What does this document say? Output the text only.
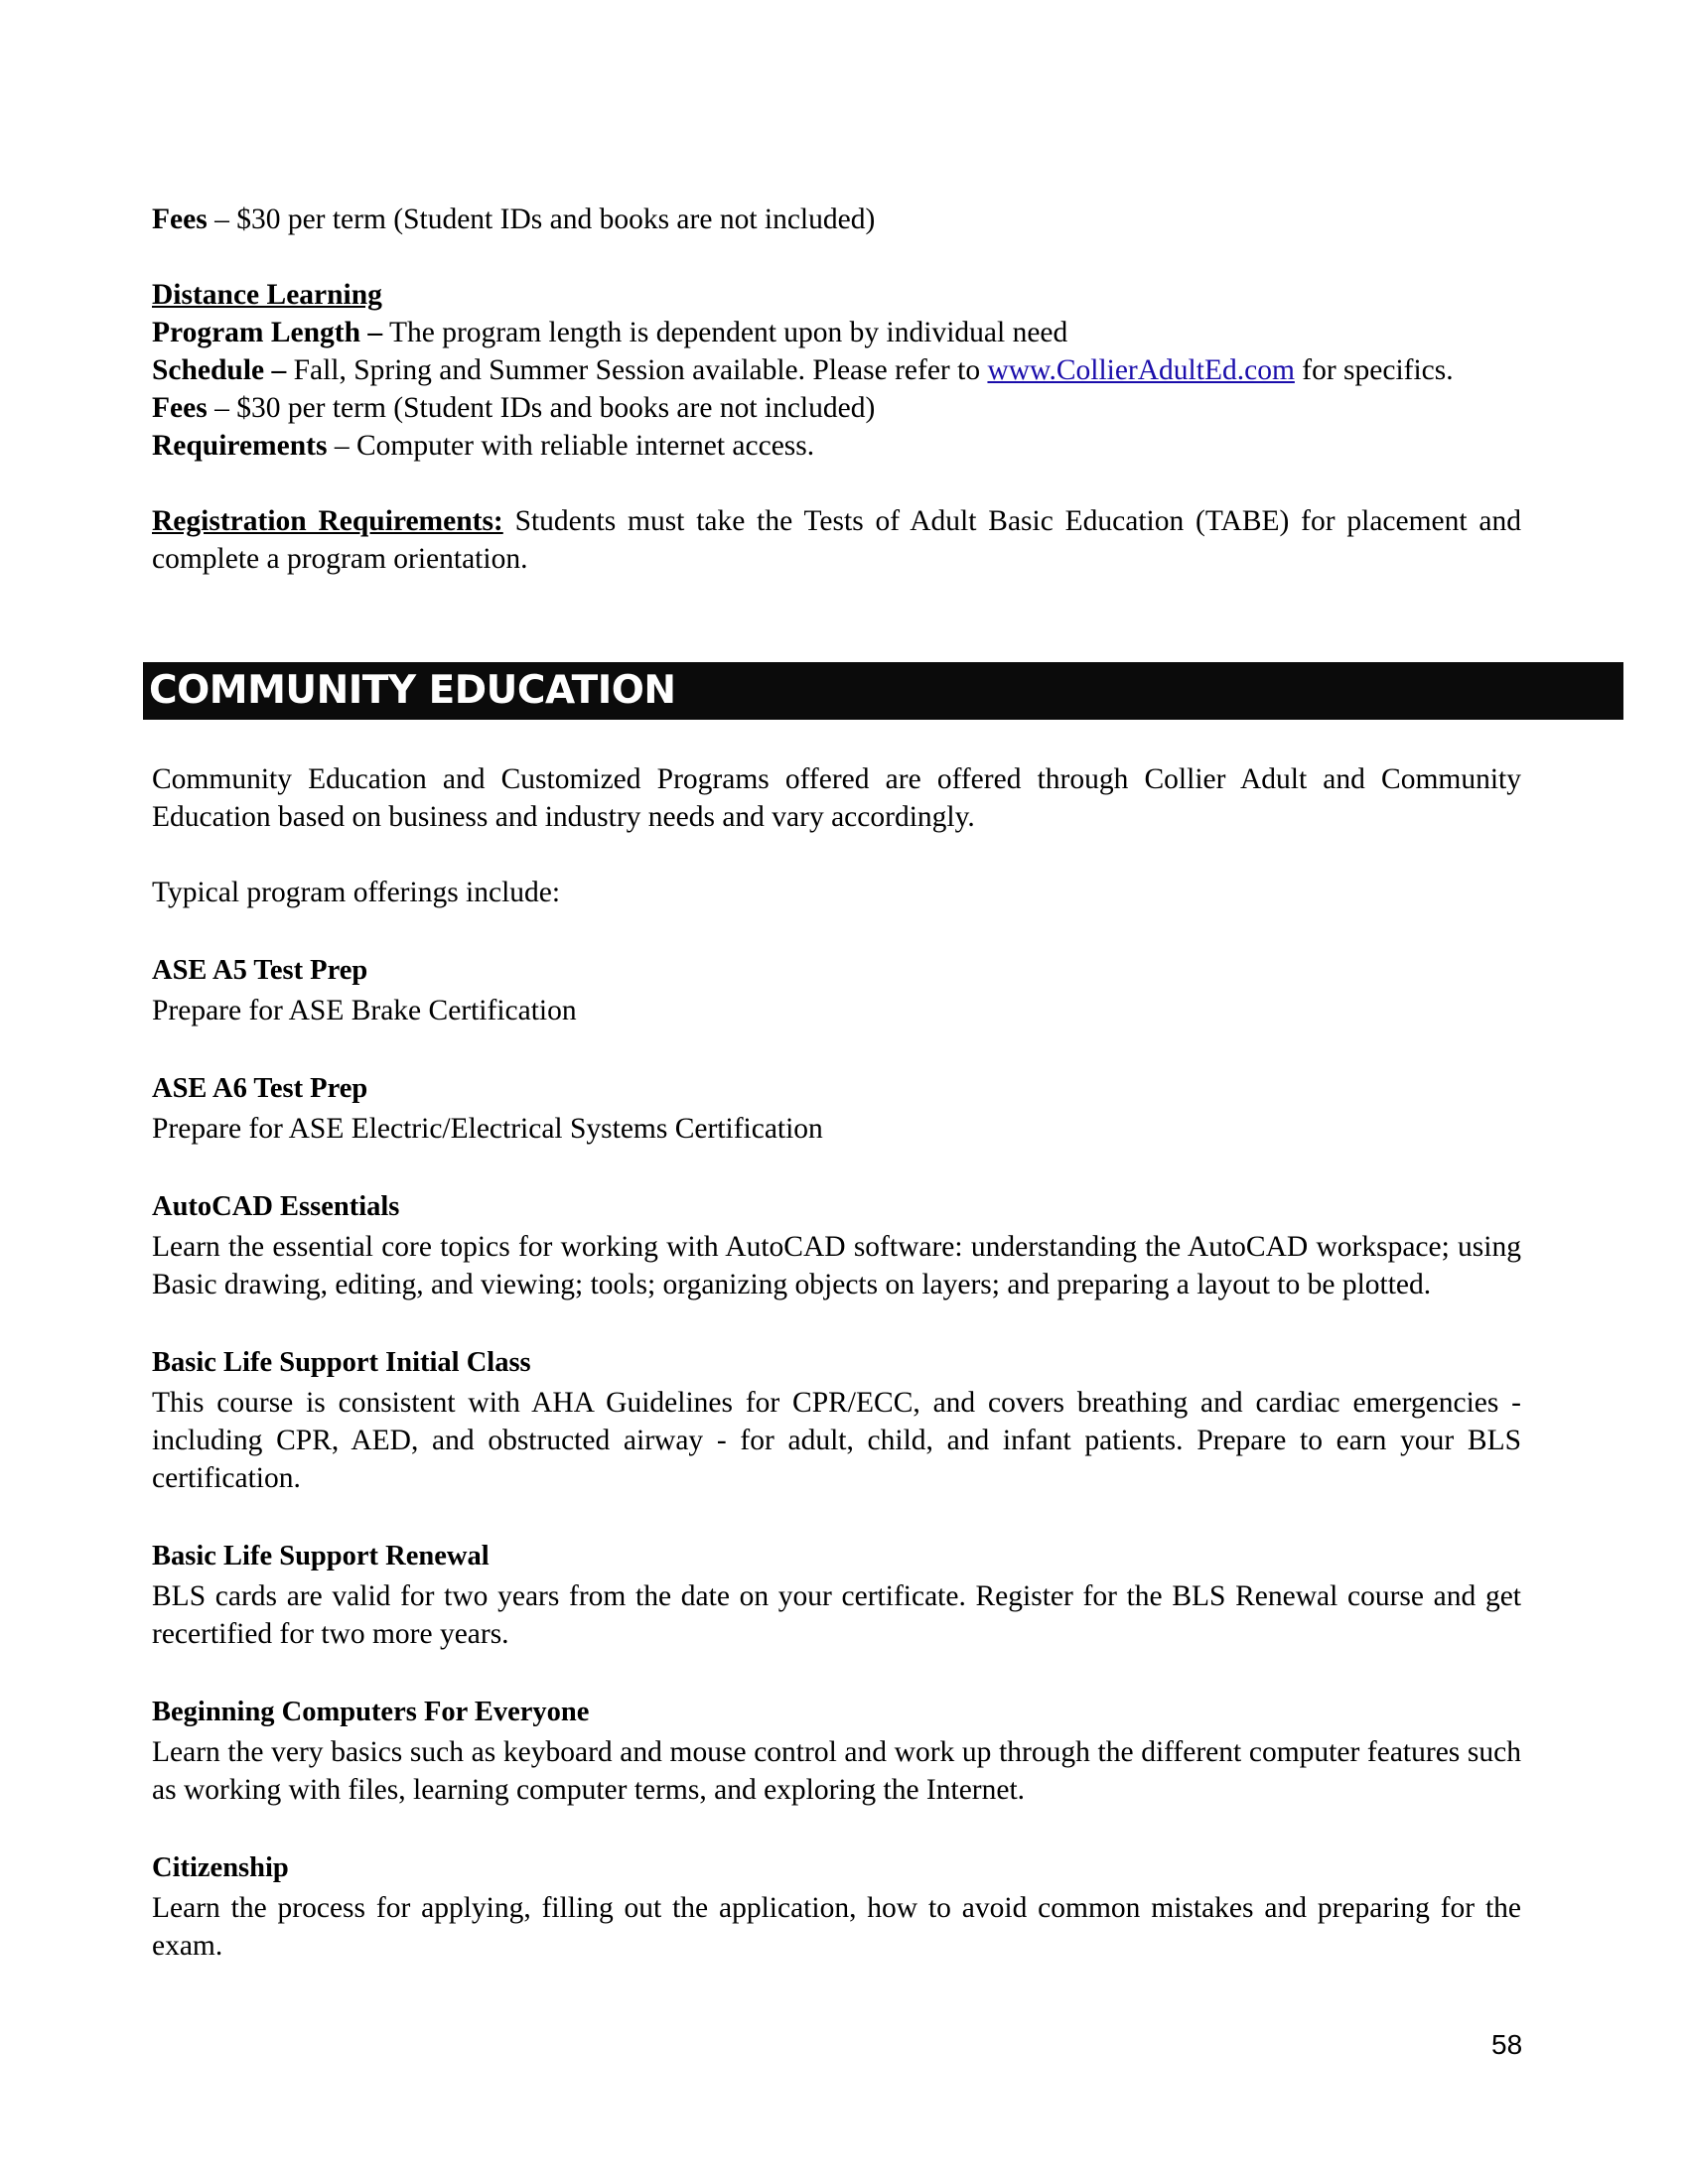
Fees – $30 per term (Student IDs and books are not included)

Distance Learning

Program Length – The program length is dependent upon by individual need

Schedule – Fall, Spring and Summer Session available. Please refer to www.CollierAdultEd.com for specifics.

Fees – $30 per term (Student IDs and books are not included)

Requirements – Computer with reliable internet access.

Registration Requirements: Students must take the Tests of Adult Basic Education (TABE) for placement and complete a program orientation.

COMMUNITY EDUCATION

Community Education and Customized Programs offered are offered through Collier Adult and Community Education based on business and industry needs and vary accordingly.

Typical program offerings include:

ASE A5 Test Prep

Prepare for ASE Brake Certification

ASE A6 Test Prep

Prepare for ASE Electric/Electrical Systems Certification

AutoCAD Essentials

Learn the essential core topics for working with AutoCAD software: understanding the AutoCAD workspace; using Basic drawing, editing, and viewing; tools; organizing objects on layers; and preparing a layout to be plotted.

Basic Life Support Initial Class

This course is consistent with AHA Guidelines for CPR/ECC, and covers breathing and cardiac emergencies - including CPR, AED, and obstructed airway - for adult, child, and infant patients. Prepare to earn your BLS certification.

Basic Life Support Renewal

BLS cards are valid for two years from the date on your certificate. Register for the BLS Renewal course and get recertified for two more years.

Beginning Computers For Everyone

Learn the very basics such as keyboard and mouse control and work up through the different computer features such as working with files, learning computer terms, and exploring the Internet.

Citizenship

Learn the process for applying, filling out the application, how to avoid common mistakes and preparing for the exam.

58
